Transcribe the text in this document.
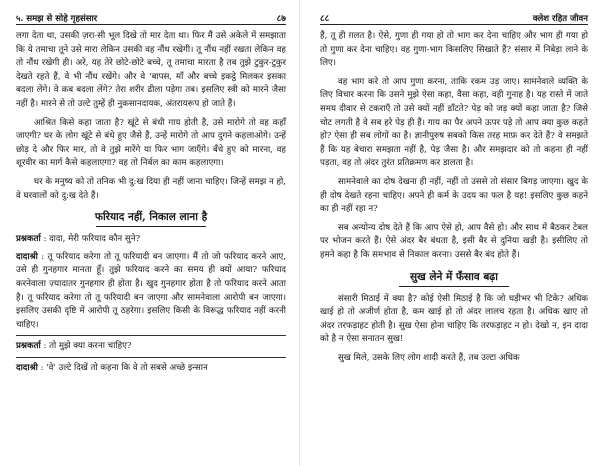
५. समझ से सोहे गृहसंसार	८७

लगा देता था, उसकी ज़रा-सी भूल दिखे तो मार देता था। फिर मैं उसे अकेले में समझाता कि ये तमाचा तूने उसे मारा लेकिन उसकी वह नौंध रखेगी। तू नौंध नहीं रखता लेकिन वह तो नौंध रखेगी ही। अरे, यह तेरे छोटे-छोटे बच्चे, तू तमाचा मारता है तब तुझे टुकुर-टुकुर देखते रहते हैं, वे भी नौंध रखेंगे। और वे 'बापस, माँ और बच्चे इकट्ठे मिलकर इसका बदला लेंगे। वे कब बदला लेंगे? तेरा शरीर ढीला पड़ेगा तब। इसलिए स्त्री को मारने जैसा नहीं है। मारने से तो उल्टे तुम्हें ही नुकसानदायक, अंतरायरूप हो जाते हैं।

आश्रित किसे कहा जाता है? खूंटे से बंधी गाय होती है, उसे मारोगे तो वह कहाँ जाएगी? घर के लोग खूंटे से बंधे हुए जैसे हैं, उन्हें मारोगे तो आप दुगने कहलाओगे। उन्हें छोड़ दे और फिर मार, तो वे तुझे मारेंगे या फिर भाग जाएँगे। बँधे हुए को मारना, वह शूरवीर का मार्ग कैसे कहलाएगा? वह तो निर्बल का काम कहलाएगा।

घर के मनुष्य को तो तनिक भी दु:ख दिया ही नहीं जाना चाहिए। जिन्हें समझ न हो, वे घरवालों को दु:ख देते हैं।

फरियाद नहीं, निकाल लाना है

प्रश्नकर्ता : दादा, मेरी फरियाद कौन सुने?

दादाश्री : तू फरियाद करेगा तो तू फरियादी बन जाएगा। मैं तो जो फरियाद करने आए, उसे ही गुनहगार मानता हूँ। तुझे फरियाद करने का समय ही क्यों आया? फरियाद करनेवाला ज़्यादातर गुनहगार ही होता है। खुद गुनहगार होता है तो फरियाद करने आता है। तू फरियाद करेगा तो तू फरियादी बन जाएगा और सामनेवाला आरोपी बन जाएगा। इसलिए उसकी दृष्टि में आरोपी तू ठहरेगा। इसलिए किसी के विरूद्ध फरियाद नहीं करनी चाहिए।

प्रश्नकर्ता : तो मुझे क्या करना चाहिए?

दादाश्री : 'वे' उल्टे दिखें तो कहना कि वे तो सबसे अच्छे इन्सान

८८	क्लेश रहित जीवन

हैं, तू ही ग़लत है। ऐसे, गुणा ही गया हो तो भाग कर देना चाहिए और भाग ही गया हो तो गुणा कर देना चाहिए। वह गुणा-भाग किसलिए सिखाते हैं? संसार में निबेड़ा लाने के लिए।

वह भाग करे तो आप गुणा करना, ताकि रकम उड़ जाए। सामनेवाले व्यक्ति के लिए विचार करना कि उसने मुझे ऐसा कहा, वैसा कहा, वही गुनाह है। यह रास्ते में जाते समय दीवार से टकराएँ तो उसे क्यों नहीं डाँटते? पेड़ को जड़ क्यों कहा जाता है? जिसे चोट लगती है वे सब हरे पेड़ ही हैं। गाय का पैर अपने ऊपर पड़े तो आप क्या कुछ कहते हो? ऐसा ही सब लोगों का है। ज्ञानीपुरुष सबको किस तरह माफ़ कर देते हैं? वे समझते हैं कि यह बेचारा समझता नहीं है, पेड़ जैसा है। और समझदार को तो कहना ही नहीं पड़ता, वह तो अंदर तुरंत प्रतिक्रमण कर डालता है।

सामनेवाले का दोष देखना ही नहीं, नहीं तो उससे तो संसार बिगड़ जाएगा। खुद के ही दोष देखते रहना चाहिए। अपने ही कर्म के उदय का फल है यह! इसलिए कुछ कहने का ही नहीं रहा न?

सब अन्योन्य दोष देते हैं कि आप ऐसे हो, आप वैसे हो। और साथ में बैठकर टेबल पर भोजन करते हैं। ऐसे अंदर बैर बंधता है, इसी बैर से दुनिया खड़ी है। इसीलिए तो हमने कहा है कि समभाव से निकाल करना। उससे बैर बंद होते हैं।

सुख लेने में फँसाव बढ़ा

संसारी मिठाई में क्या है? कोई ऐसी मिठाई है कि जो घड़ीभर भी टिके? अधिक खाई हो तो अजीर्ण होता है, कम खाई हो तो अंदर लालच रहता है। अधिक खाए तो अंदर तरफड़ाहट होती है। सुख ऐसा होना चाहिए कि तरफड़ाहट न हो। देखो न, इन दादा को है न ऐसा सनातन सुख!

सुख मिले, उसके लिए लोग शादी करते हैं, तब उल्टा अधिक
